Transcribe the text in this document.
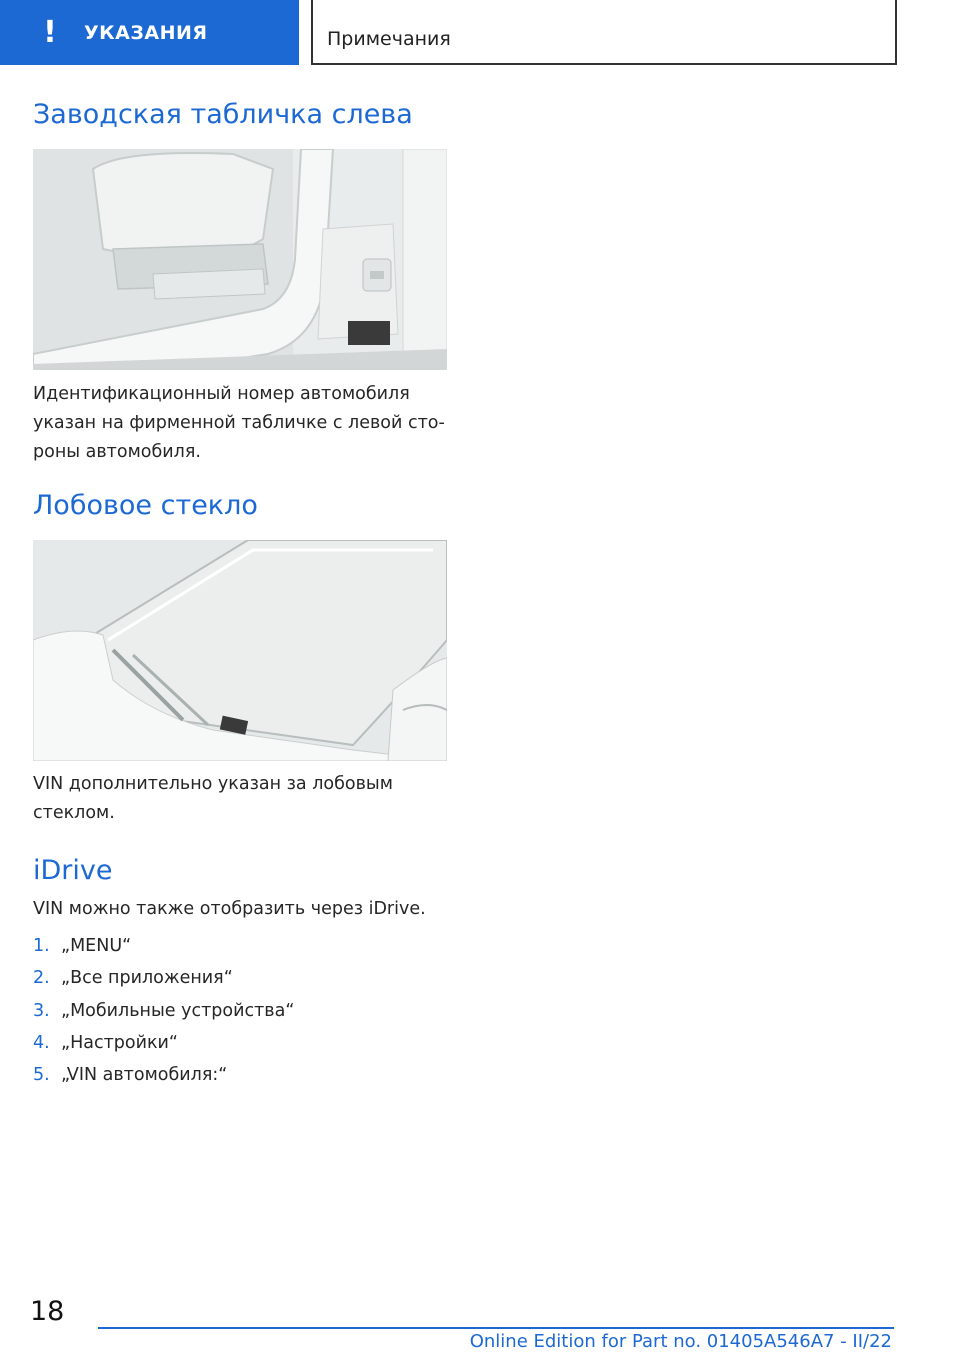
! УКАЗАНИЯ	Примечания
Заводская табличка слева

Идентификационный номер автомобиля указан на фирменной табличке с левой сто-роны автомобиля.

Лобовое стекло

VIN дополнительно указан за лобовым стеклом.

iDrive

VIN можно также отобразить через iDrive.

1. „MENU“
2. „Все приложения“
3. „Мобильные устройства“
4. „Настройки“
5. „VIN автомобиля:“
18
Online Edition for Part no. 01405A546A7 - II/22
